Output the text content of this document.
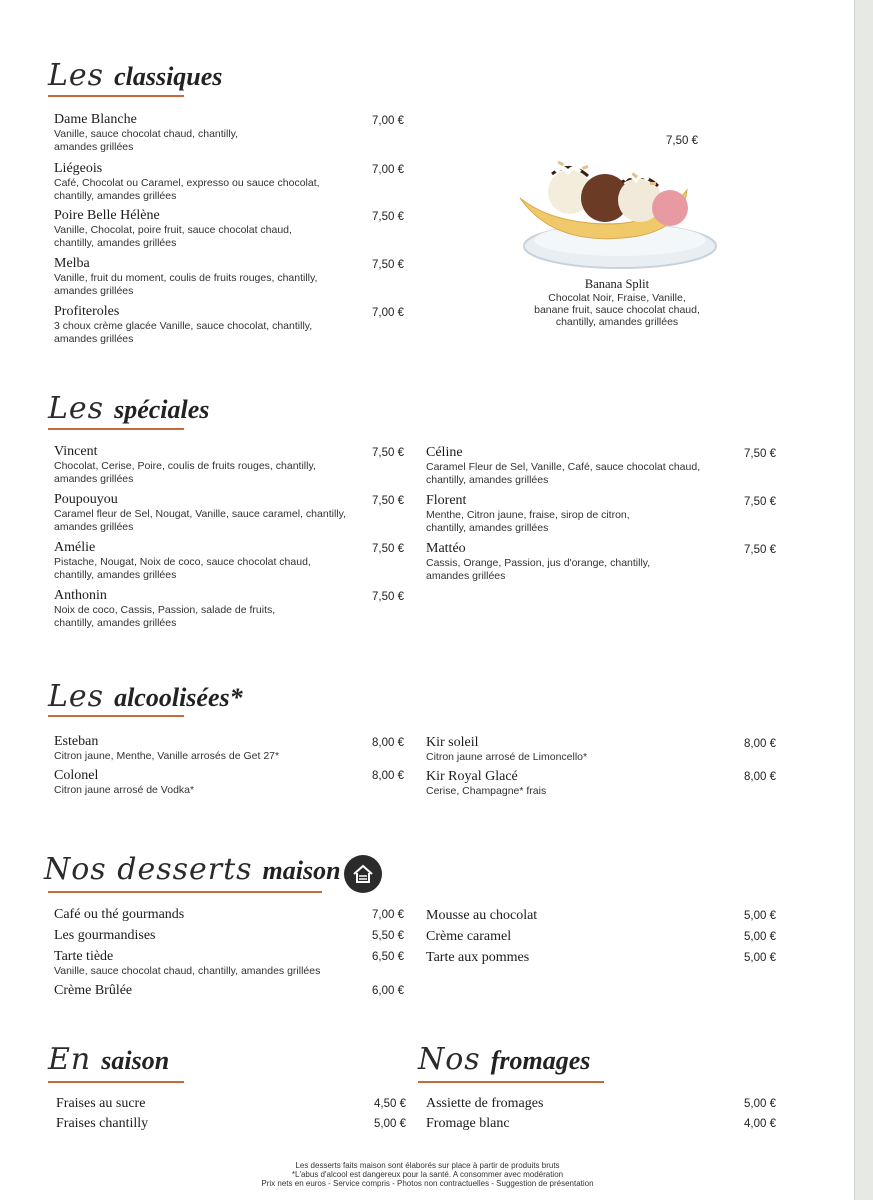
Les classiques
Dame Blanche
Vanille, sauce chocolat chaud, chantilly,
amandes grillées
7,00 €
Liégeois
Café, Chocolat ou Caramel, expresso ou sauce chocolat,
chantilly, amandes grillées
7,00 €
Poire Belle Hélène
Vanille, Chocolat, poire fruit, sauce chocolat chaud,
chantilly, amandes grillées
7,50 €
Melba
Vanille, fruit du moment, coulis de fruits rouges, chantilly,
amandes grillées
7,50 €
Profiteroles
3 choux crème glacée Vanille, sauce chocolat, chantilly,
amandes grillées
7,00 €
7,50 €
Banana Split
Chocolat Noir, Fraise, Vanille,
banane fruit, sauce chocolat chaud,
chantilly, amandes grillées
Les spéciales
Vincent
Chocolat, Cerise, Poire, coulis de fruits rouges, chantilly,
amandes grillées
7,50 €
Poupouyou
Caramel fleur de Sel, Nougat, Vanille, sauce caramel, chantilly,
amandes grillées
7,50 €
Amélie
Pistache, Nougat, Noix de coco, sauce chocolat chaud,
chantilly, amandes grillées
7,50 €
Anthonin
Noix de coco, Cassis, Passion, salade de fruits,
chantilly, amandes grillées
7,50 €
Céline
Caramel Fleur de Sel, Vanille, Café, sauce chocolat chaud,
chantilly, amandes grillées
7,50 €
Florent
Menthe, Citron jaune, fraise, sirop de citron,
chantilly, amandes grillées
7,50 €
Mattéo
Cassis, Orange, Passion, jus d'orange, chantilly,
amandes grillées
7,50 €
Les alcoolisées*
Esteban
Citron jaune, Menthe, Vanille arrosés de Get 27*
8,00 €
Colonel
Citron jaune arrosé de Vodka*
8,00 €
Kir soleil
Citron jaune arrosé de Limoncello*
8,00 €
Kir Royal Glacé
Cerise, Champagne* frais
8,00 €
Nos desserts maison
Café ou thé gourmands	7,00 €
Les gourmandises	5,50 €
Tarte tiède
Vanille, sauce chocolat chaud, chantilly, amandes grillées
6,50 €
Crème Brûlée	6,00 €
Mousse au chocolat	5,00 €
Crème caramel	5,00 €
Tarte aux pommes	5,00 €
En saison
Fraises au sucre	4,50 €
Fraises chantilly	5,00 €
Nos fromages
Assiette de fromages	5,00 €
Fromage blanc	4,00 €
Les desserts faits maison sont élaborés sur place à partir de produits bruts
*L'abus d'alcool est dangereux pour la santé. A consommer avec modération
Prix nets en euros - Service compris - Photos non contractuelles - Suggestion de présentation
